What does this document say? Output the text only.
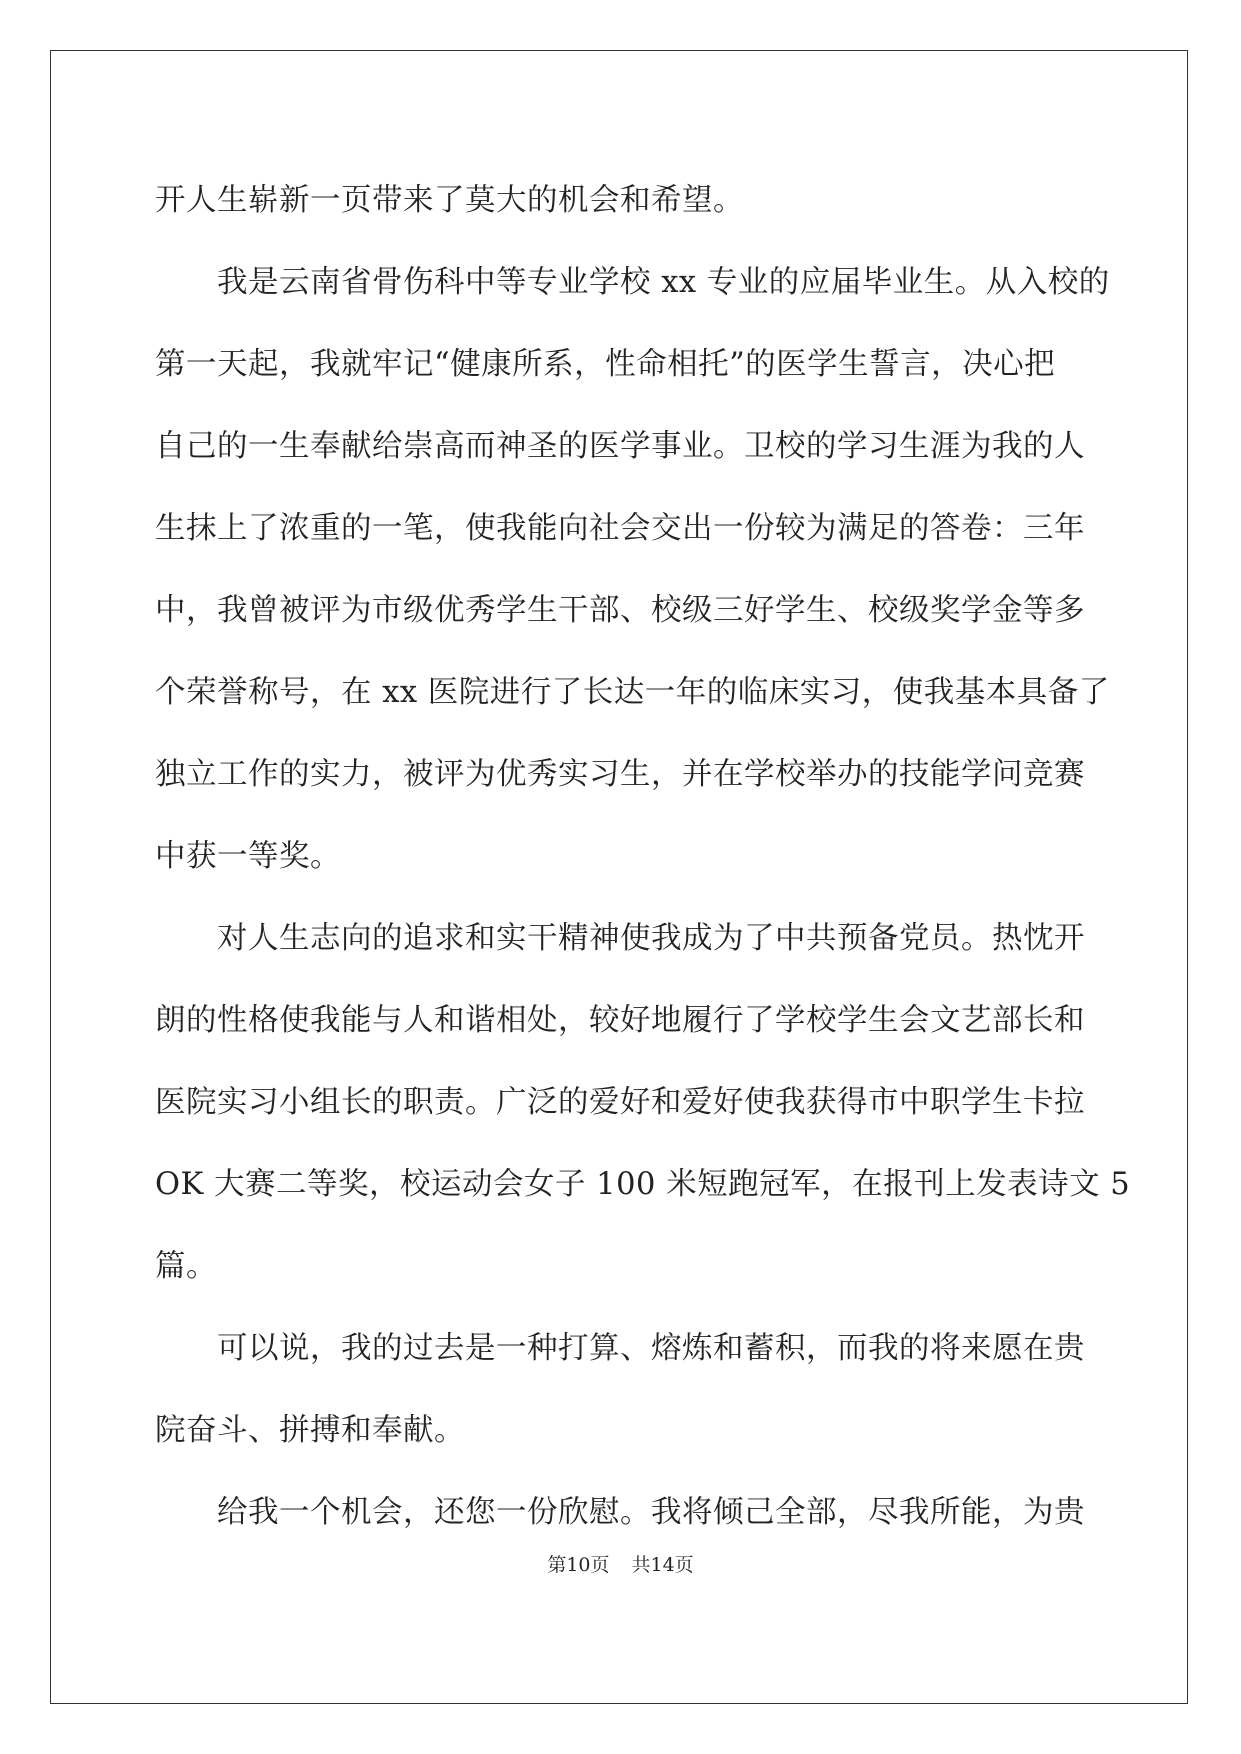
开人生崭新一页带来了莫大的机会和希望。
我是云南省骨伤科中等专业学校 xx 专业的应届毕业生。从入校的
第一天起，我就牢记“健康所系，性命相托”的医学生誓言，决心把
自己的一生奉献给崇高而神圣的医学事业。卫校的学习生涯为我的人
生抹上了浓重的一笔，使我能向社会交出一份较为满足的答卷：三年
中，我曾被评为市级优秀学生干部、校级三好学生、校级奖学金等多
个荣誉称号，在 xx 医院进行了长达一年的临床实习，使我基本具备了
独立工作的实力，被评为优秀实习生，并在学校举办的技能学问竞赛
中获一等奖。
对人生志向的追求和实干精神使我成为了中共预备党员。热忱开
朗的性格使我能与人和谐相处，较好地履行了学校学生会文艺部长和
医院实习小组长的职责。广泛的爱好和爱好使我获得市中职学生卡拉
OK 大赛二等奖，校运动会女子 100 米短跑冠军，在报刊上发表诗文 5
篇。
可以说，我的过去是一种打算、熔炼和蓄积，而我的将来愿在贵
院奋斗、拼搏和奉献。
给我一个机会，还您一份欣慰。我将倾己全部，尽我所能，为贵
第10页 共14页
